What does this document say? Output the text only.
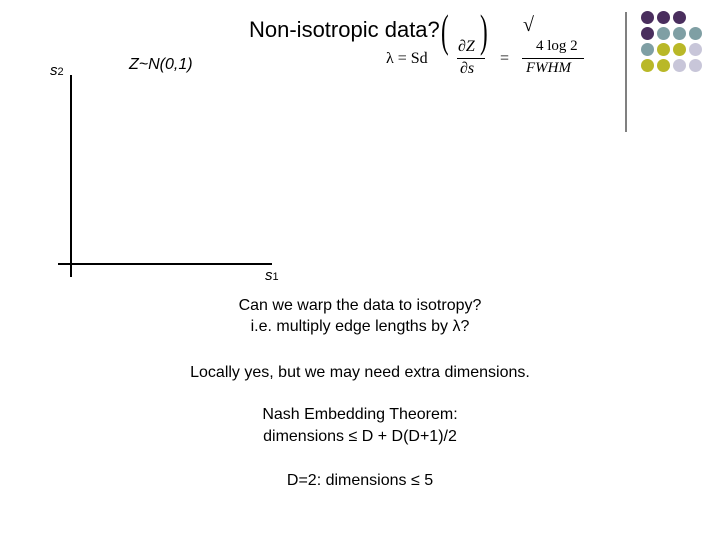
Non-isotropic data? ( )
λ = Sd
∂Z
∂s
=
√
4 log 2
FWHM
Z~N(0,1)
s2
s1
Can we warp the data to isotropy?
i.e. multiply edge lengths by λ?
Locally yes, but we may need extra dimensions.
Nash Embedding Theorem:
dimensions ≤ D + D(D+1)/2
D=2: dimensions ≤ 5
